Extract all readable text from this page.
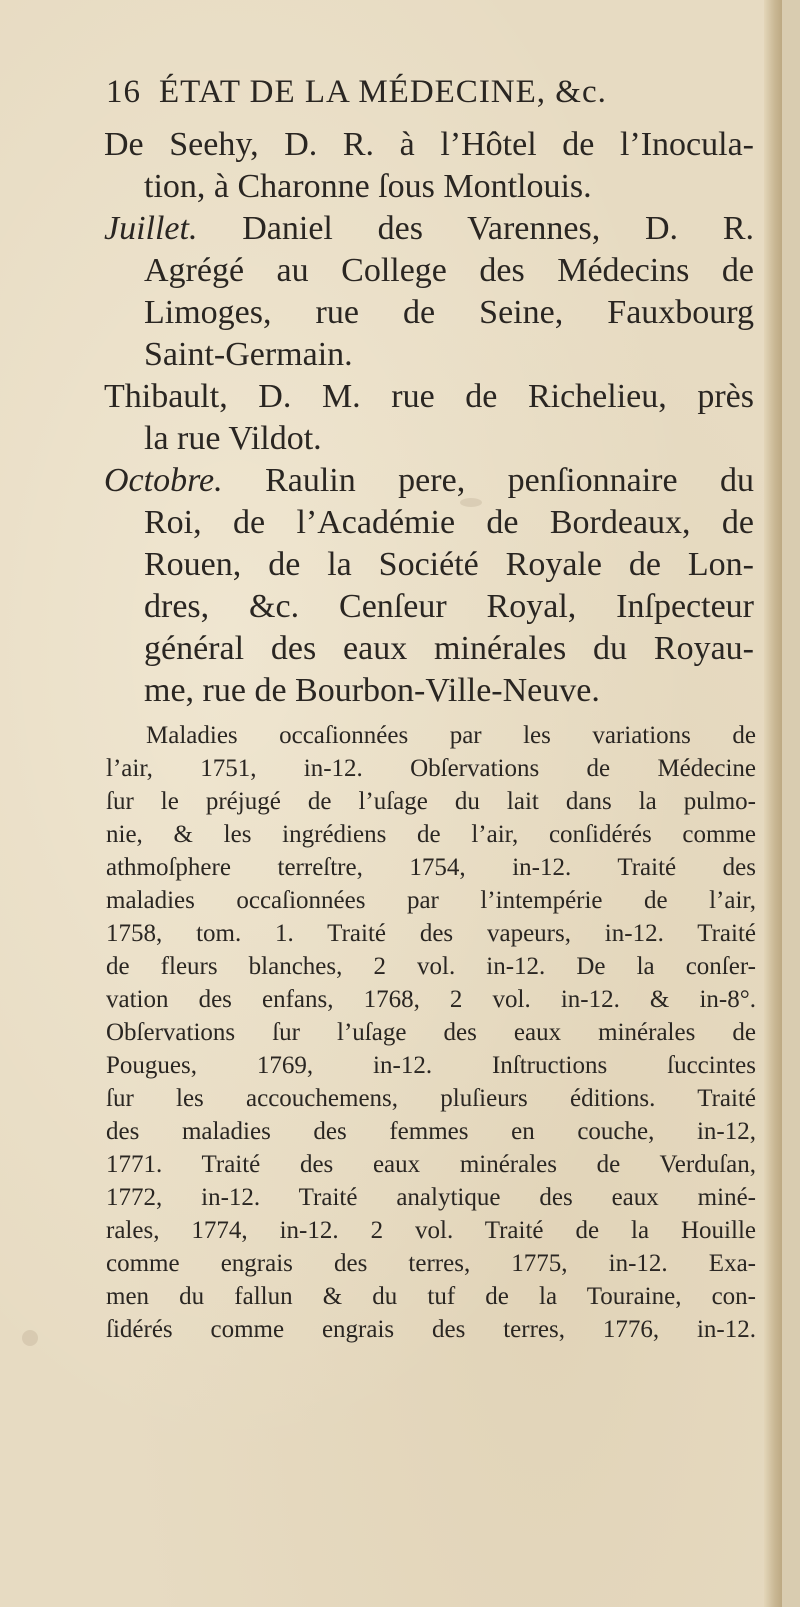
16 ÉTAT DE LA MÉDECINE, &c.
De Seehy, D. R. à l’Hôtel de l’Inocula-
tion, à Charonne ſous Montlouis.
Juillet. Daniel des Varennes, D. R.
Agrégé au College des Médecins de
Limoges, rue de Seine, Fauxbourg
Saint-Germain.
Thibault, D. M. rue de Richelieu, près
la rue Vildot.
Octobre. Raulin pere, penſionnaire du
Roi, de l’Académie de Bordeaux, de
Rouen, de la Société Royale de Lon-
dres, &c. Cenſeur Royal, Inſpecteur
général des eaux minérales du Royau-
me, rue de Bourbon-Ville-Neuve.
Maladies occaſionnées par les variations de
l’air, 1751, in-12. Obſervations de Médecine
ſur le préjugé de l’uſage du lait dans la pulmo-
nie, & les ingrédiens de l’air, conſidérés comme
athmoſphere terreſtre, 1754, in-12. Traité des
maladies occaſionnées par l’intempérie de l’air,
1758, tom. 1. Traité des vapeurs, in-12. Traité
de fleurs blanches, 2 vol. in-12. De la conſer-
vation des enfans, 1768, 2 vol. in-12. & in-8°.
Obſervations ſur l’uſage des eaux minérales de
Pougues, 1769, in-12. Inſtructions ſuccintes
ſur les accouchemens, pluſieurs éditions. Traité
des maladies des femmes en couche, in-12,
1771. Traité des eaux minérales de Verduſan,
1772, in-12. Traité analytique des eaux miné-
rales, 1774, in-12. 2 vol. Traité de la Houille
comme engrais des terres, 1775, in-12. Exa-
men du fallun & du tuf de la Touraine, con-
ſidérés comme engrais des terres, 1776, in-12.
